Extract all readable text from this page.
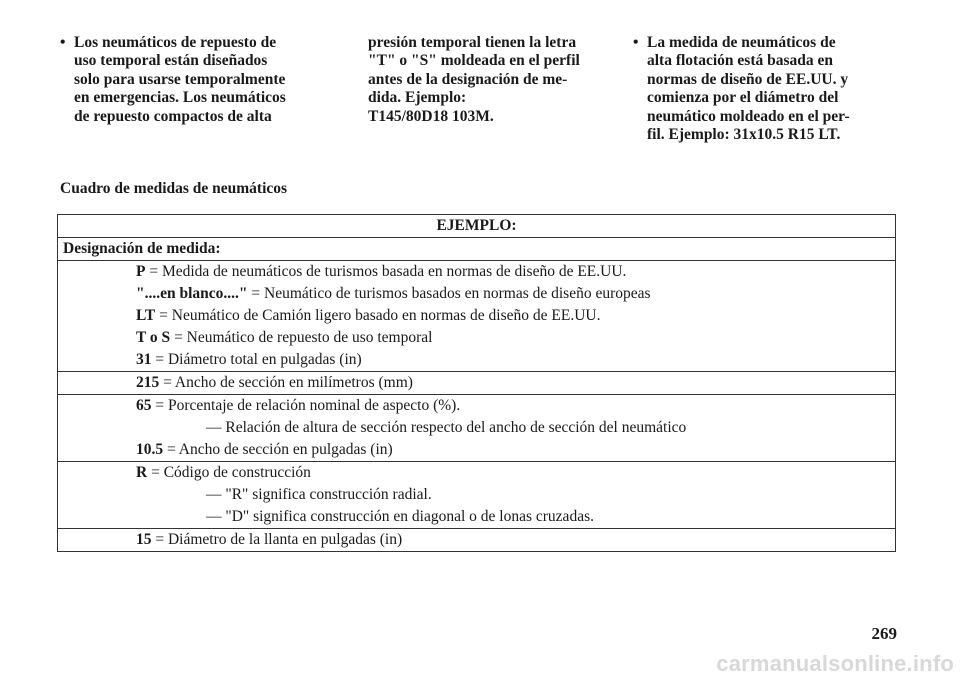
• Los neumáticos de repuesto de
uso temporal están diseñados
solo para usarse temporalmente
en emergencias. Los neumáticos
de repuesto compactos de alta
presión temporal tienen la letra
"T" o "S" moldeada en el perfil
antes de la designación de me-
dida. Ejemplo:
T145/80D18 103M.
• La medida de neumáticos de
alta flotación está basada en
normas de diseño de EE.UU. y
comienza por el diámetro del
neumático moldeado en el per-
fil. Ejemplo: 31x10.5 R15 LT.
Cuadro de medidas de neumáticos
EJEMPLO:
Designación de medida:

P = Medida de neumáticos de turismos basada en normas de diseño de EE.UU.
"....en blanco...." = Neumático de turismos basados en normas de diseño europeas
LT = Neumático de Camión ligero basado en normas de diseño de EE.UU.
T o S = Neumático de repuesto de uso temporal
31 = Diámetro total en pulgadas (in)

215 = Ancho de sección en milímetros (mm)

65 = Porcentaje de relación nominal de aspecto (%).
— Relación de altura de sección respecto del ancho de sección del neumático
10.5 = Ancho de sección en pulgadas (in)

R = Código de construcción
— "R" significa construcción radial.
— "D" significa construcción en diagonal o de lonas cruzadas.

15 = Diámetro de la llanta en pulgadas (in)
269
carmanualsonline.info
